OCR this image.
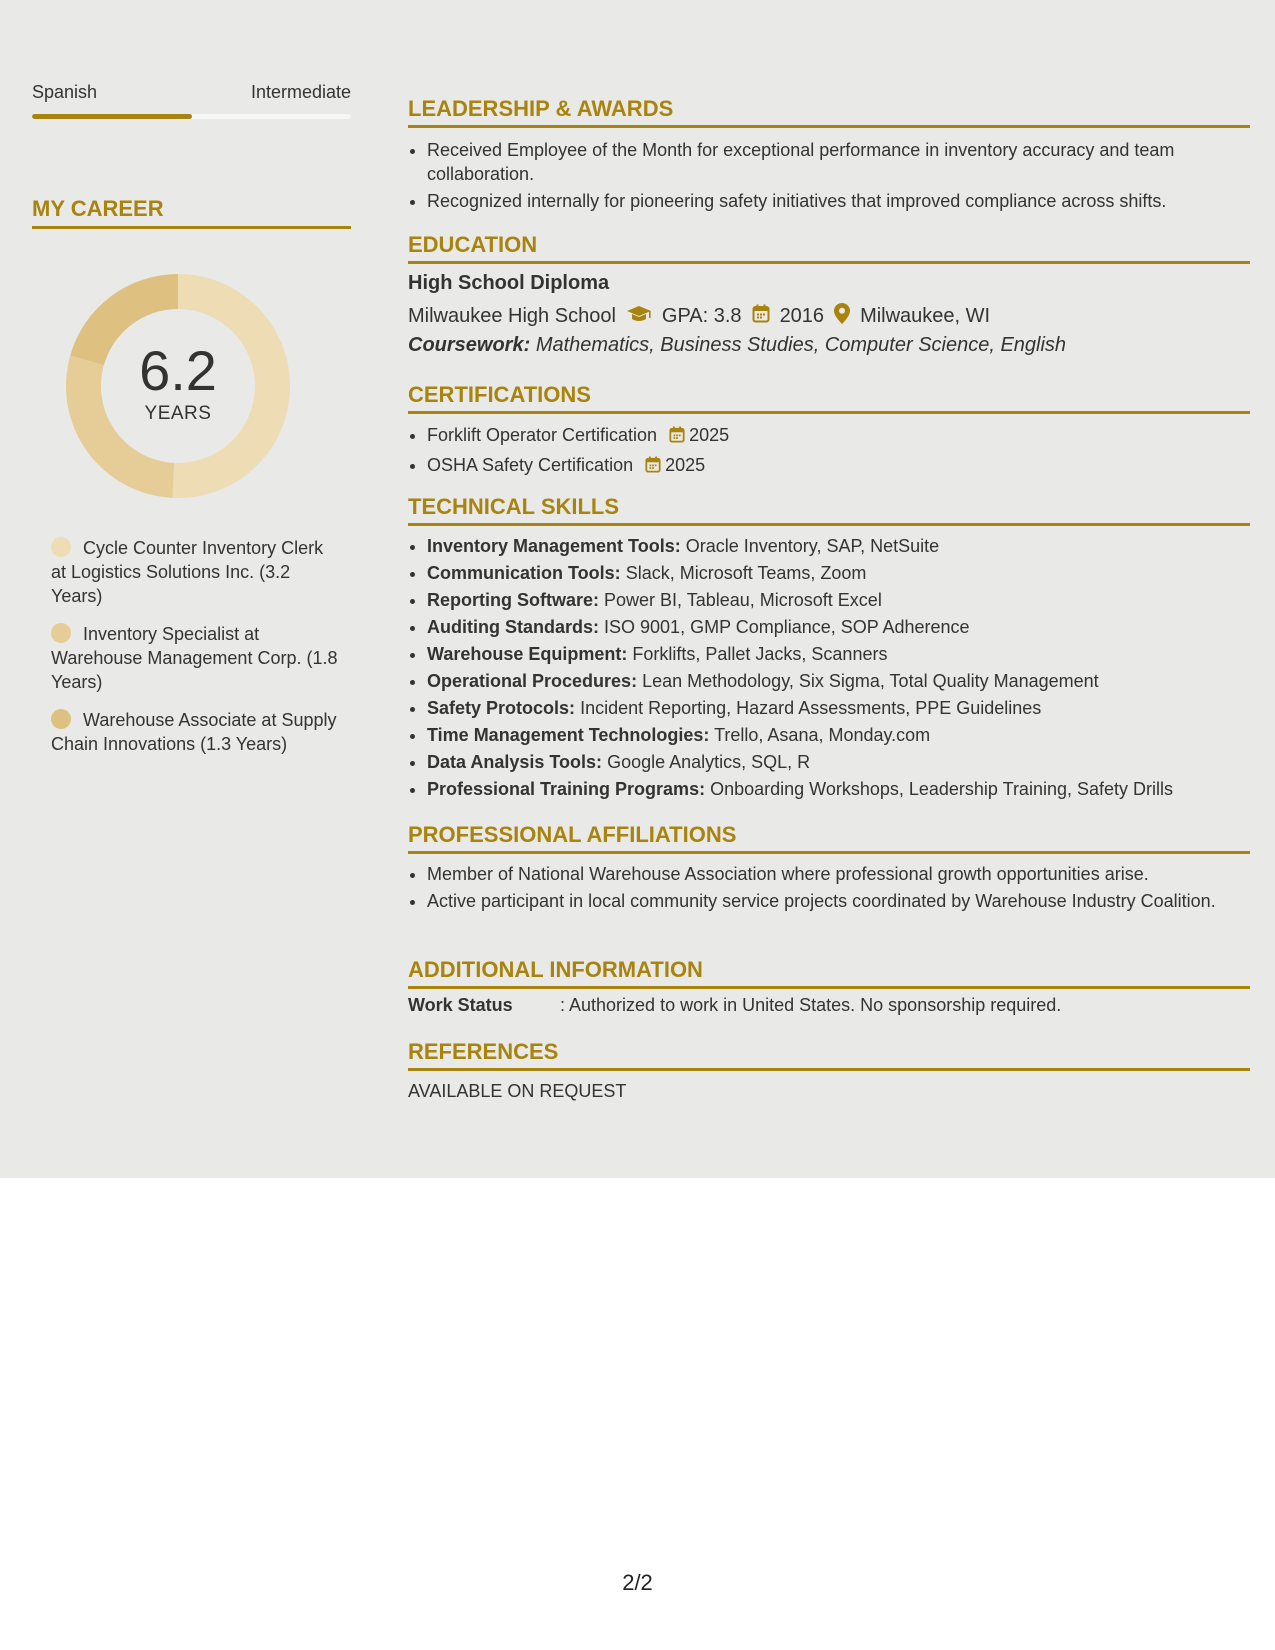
Spanish	Intermediate
MY CAREER
6.2
YEARS
Cycle Counter Inventory Clerk at Logistics Solutions Inc. (3.2 Years)
Inventory Specialist at Warehouse Management Corp. (1.8 Years)
Warehouse Associate at Supply Chain Innovations (1.3 Years)
LEADERSHIP & AWARDS
• Received Employee of the Month for exceptional performance in inventory accuracy and team collaboration.
• Recognized internally for pioneering safety initiatives that improved compliance across shifts.
EDUCATION
High School Diploma
Milwaukee High School GPA: 3.8 2016 Milwaukee, WI
Coursework: Mathematics, Business Studies, Computer Science, English
CERTIFICATIONS
• Forklift Operator Certification 2025
• OSHA Safety Certification 2025
TECHNICAL SKILLS
• Inventory Management Tools: Oracle Inventory, SAP, NetSuite
• Communication Tools: Slack, Microsoft Teams, Zoom
• Reporting Software: Power BI, Tableau, Microsoft Excel
• Auditing Standards: ISO 9001, GMP Compliance, SOP Adherence
• Warehouse Equipment: Forklifts, Pallet Jacks, Scanners
• Operational Procedures: Lean Methodology, Six Sigma, Total Quality Management
• Safety Protocols: Incident Reporting, Hazard Assessments, PPE Guidelines
• Time Management Technologies: Trello, Asana, Monday.com
• Data Analysis Tools: Google Analytics, SQL, R
• Professional Training Programs: Onboarding Workshops, Leadership Training, Safety Drills
PROFESSIONAL AFFILIATIONS
• Member of National Warehouse Association where professional growth opportunities arise.
• Active participant in local community service projects coordinated by Warehouse Industry Coalition.
ADDITIONAL INFORMATION
Work Status	: Authorized to work in United States. No sponsorship required.
REFERENCES
AVAILABLE ON REQUEST
2/2
